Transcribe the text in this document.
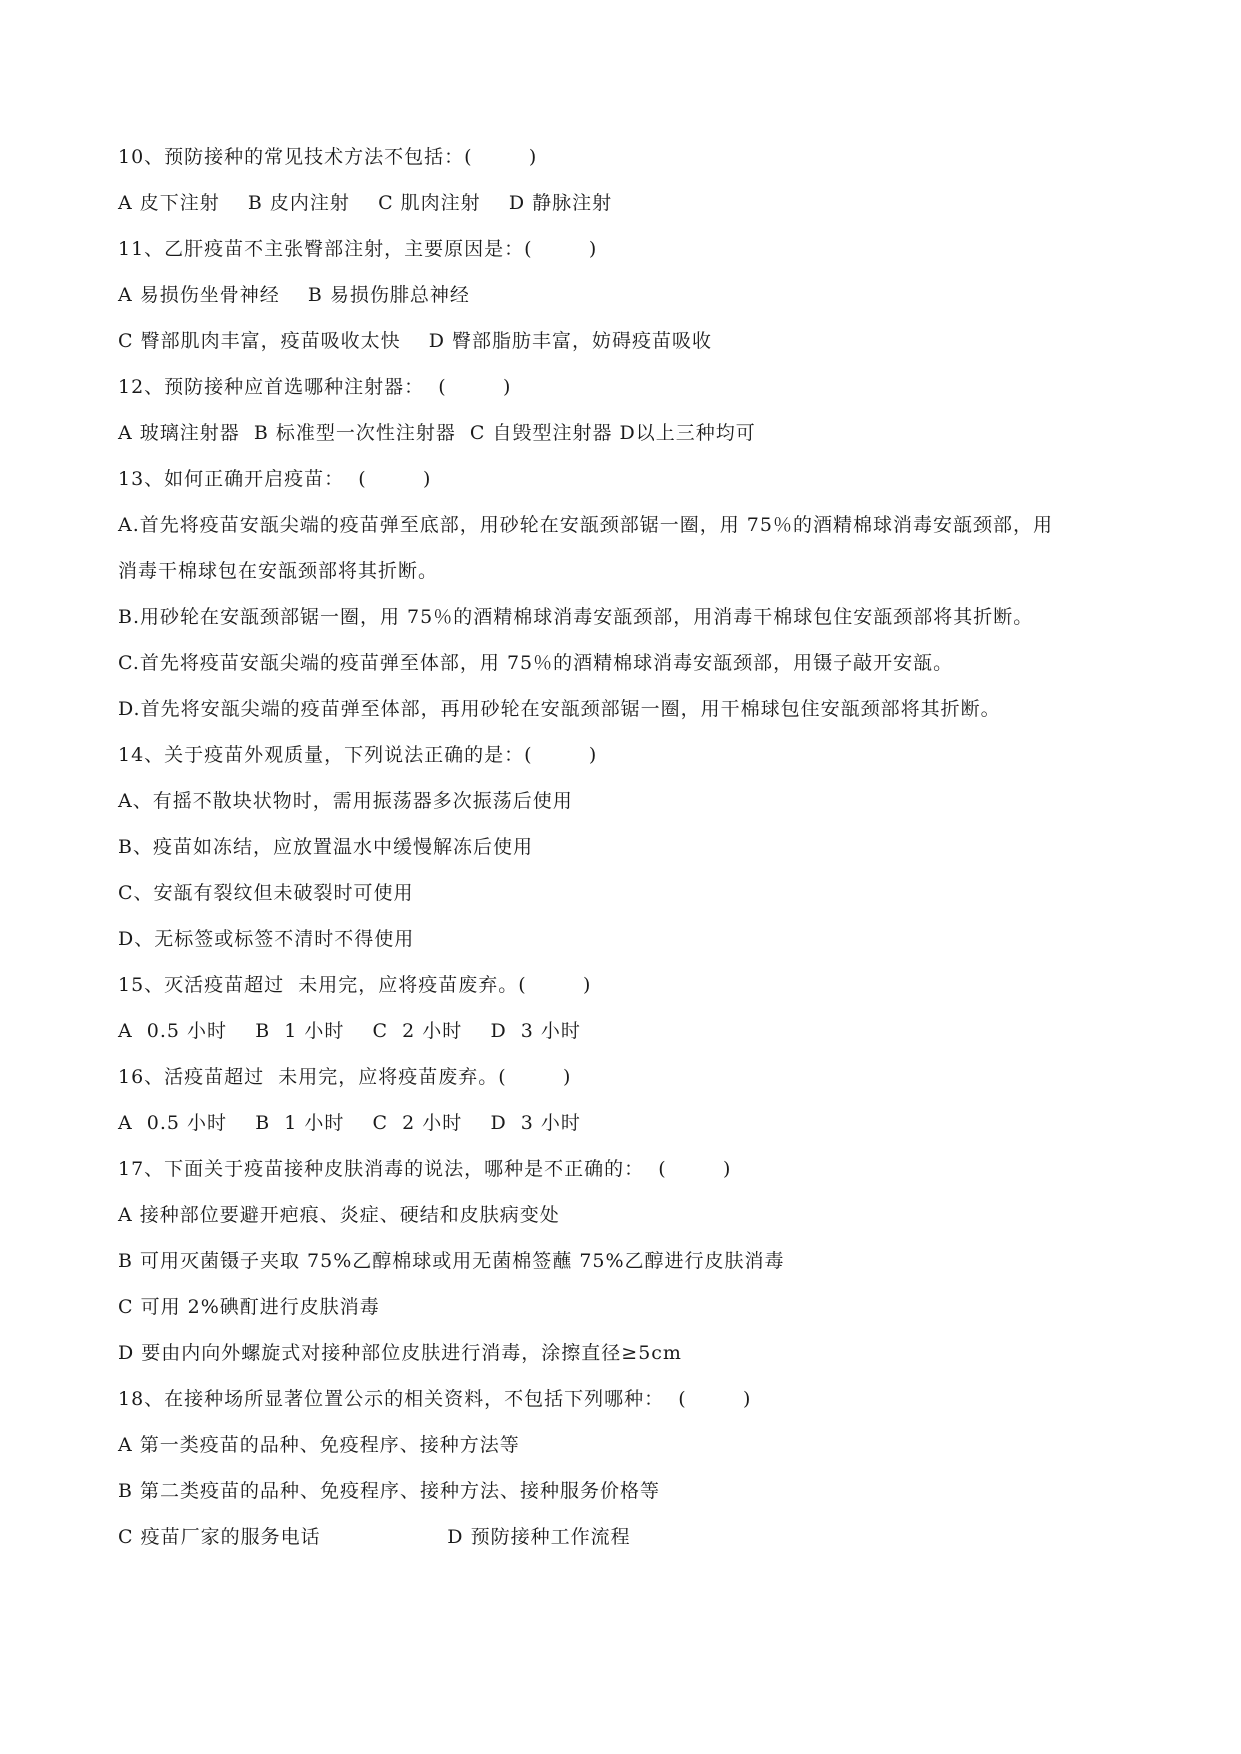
10、预防接种的常见技术方法不包括：(        )
A 皮下注射    B 皮内注射    C 肌肉注射    D 静脉注射
11、乙肝疫苗不主张臀部注射，主要原因是：(        )
A 易损伤坐骨神经    B 易损伤腓总神经
C 臀部肌肉丰富，疫苗吸收太快    D 臀部脂肪丰富，妨碍疫苗吸收
12、预防接种应首选哪种注射器：  (        )
A 玻璃注射器  B 标准型一次性注射器  C 自毁型注射器 D以上三种均可
13、如何正确开启疫苗：  (        )
A.首先将疫苗安瓿尖端的疫苗弹至底部，用砂轮在安瓿颈部锯一圈，用 75％的酒精棉球消毒安瓿颈部，用
消毒干棉球包在安瓿颈部将其折断。
B.用砂轮在安瓿颈部锯一圈，用 75％的酒精棉球消毒安瓿颈部，用消毒干棉球包住安瓿颈部将其折断。
C.首先将疫苗安瓿尖端的疫苗弹至体部，用 75％的酒精棉球消毒安瓿颈部，用镊子敲开安瓿。
D.首先将安瓿尖端的疫苗弹至体部，再用砂轮在安瓿颈部锯一圈，用干棉球包住安瓿颈部将其折断。
14、关于疫苗外观质量，下列说法正确的是：(        )
A、有摇不散块状物时，需用振荡器多次振荡后使用
B、疫苗如冻结，应放置温水中缓慢解冻后使用
C、安瓿有裂纹但未破裂时可使用
D、无标签或标签不清时不得使用
15、灭活疫苗超过  未用完，应将疫苗废弃。(        )
A  0.5 小时    B  1 小时    C  2 小时    D  3 小时
16、活疫苗超过  未用完，应将疫苗废弃。(        )
A  0.5 小时    B  1 小时    C  2 小时    D  3 小时
17、下面关于疫苗接种皮肤消毒的说法，哪种是不正确的：  (        )
A 接种部位要避开疤痕、炎症、硬结和皮肤病变处
B 可用灭菌镊子夹取 75%乙醇棉球或用无菌棉签蘸 75%乙醇进行皮肤消毒
C 可用 2%碘酊进行皮肤消毒
D 要由内向外螺旋式对接种部位皮肤进行消毒，涂擦直径≥5cm
18、在接种场所显著位置公示的相关资料，不包括下列哪种：  (        )
A 第一类疫苗的品种、免疫程序、接种方法等
B 第二类疫苗的品种、免疫程序、接种方法、接种服务价格等
C 疫苗厂家的服务电话                  D 预防接种工作流程
